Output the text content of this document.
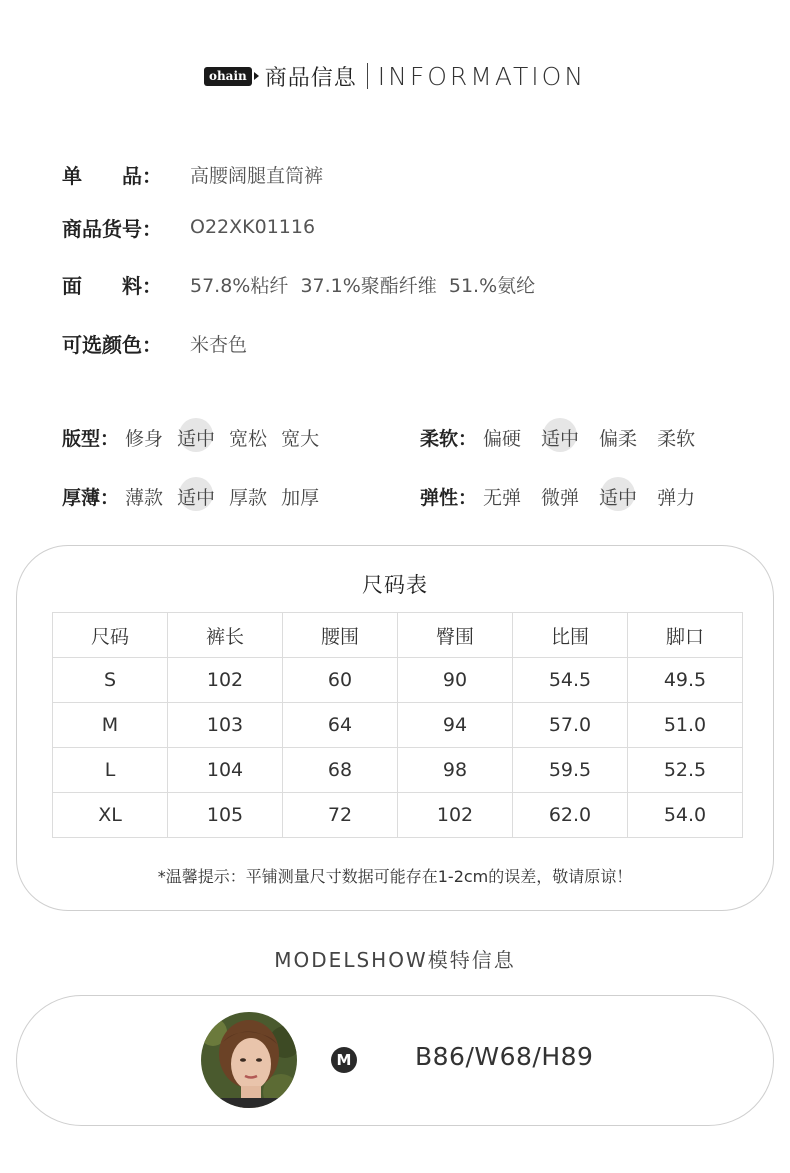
ohain 商品信息 INFORMATION
单　　品：	高腰阔腿直筒裤
商品货号：	O22XK01116
面　　料：	57.8%粘纤  37.1%聚酯纤维  51.%氨纶
可选颜色：	米杏色
版型： 修身 适中 宽松 宽大	柔软： 偏硬 适中 偏柔 柔软
厚薄： 薄款 适中 厚款 加厚	弹性： 无弹 微弹 适中 弹力
尺码表
尺码	裤长	腰围	臀围	比围	脚口
S	102	60	90	54.5	49.5
M	103	64	94	57.0	51.0
L	104	68	98	59.5	52.5
XL	105	72	102	62.0	54.0
*温馨提示：平铺测量尺寸数据可能存在1-2cm的误差，敬请原谅！
MODELSHOW模特信息
M	B86/W68/H89
